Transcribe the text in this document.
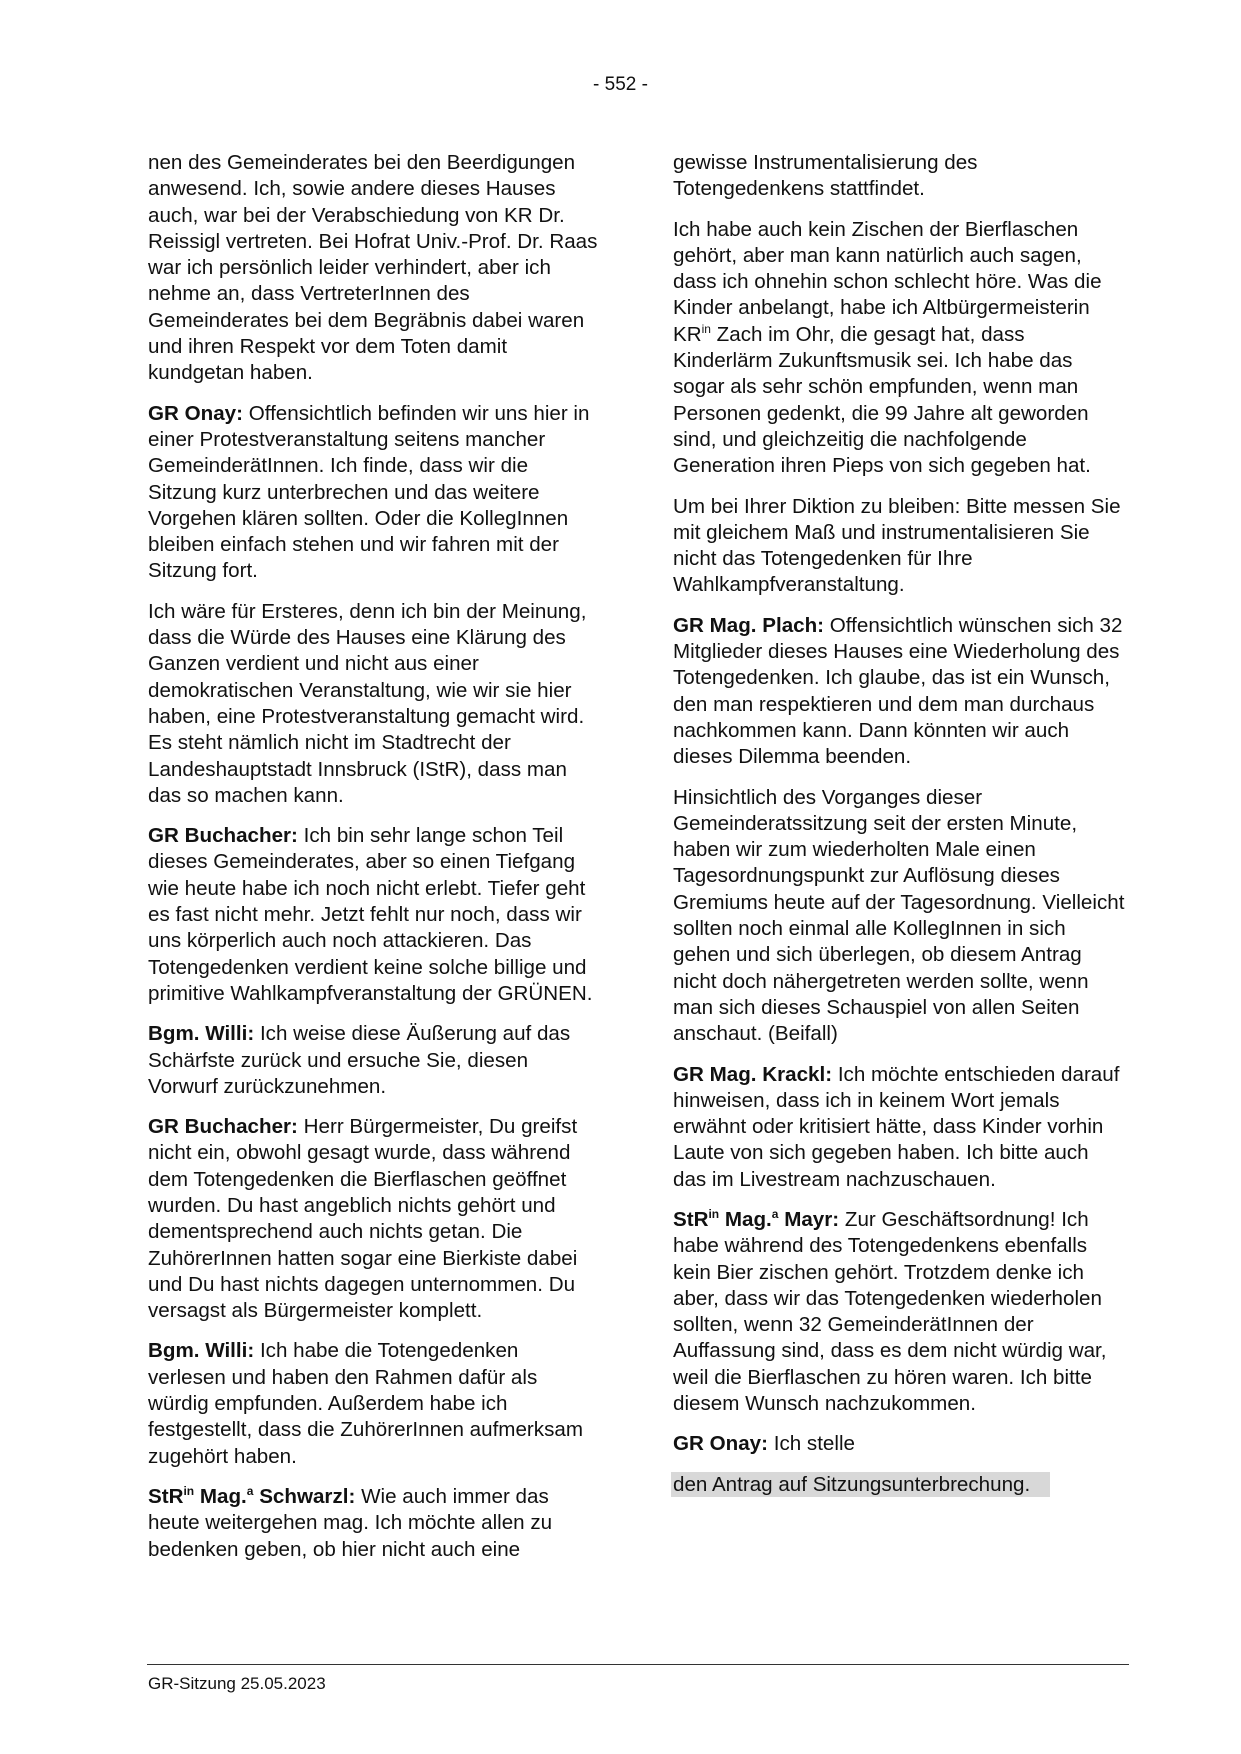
- 552 -

nen des Gemeinderates bei den Beerdigungen anwesend. Ich, sowie andere dieses Hauses auch, war bei der Verabschiedung von KR Dr. Reissigl vertreten. Bei Hofrat Univ.-Prof. Dr. Raas war ich persönlich leider verhindert, aber ich nehme an, dass VertreterInnen des Gemeinderates bei dem Begräbnis dabei waren und ihren Respekt vor dem Toten damit kundgetan haben.

GR Onay: Offensichtlich befinden wir uns hier in einer Protestveranstaltung seitens mancher GemeinderätInnen. Ich finde, dass wir die Sitzung kurz unterbrechen und das weitere Vorgehen klären sollten. Oder die KollegInnen bleiben einfach stehen und wir fahren mit der Sitzung fort.

Ich wäre für Ersteres, denn ich bin der Meinung, dass die Würde des Hauses eine Klärung des Ganzen verdient und nicht aus einer demokratischen Veranstaltung, wie wir sie hier haben, eine Protestveranstaltung gemacht wird. Es steht nämlich nicht im Stadtrecht der Landeshauptstadt Innsbruck (IStR), dass man das so machen kann.

GR Buchacher: Ich bin sehr lange schon Teil dieses Gemeinderates, aber so einen Tiefgang wie heute habe ich noch nicht erlebt. Tiefer geht es fast nicht mehr. Jetzt fehlt nur noch, dass wir uns körperlich auch noch attackieren. Das Totengedenken verdient keine solche billige und primitive Wahlkampfveranstaltung der GRÜNEN.

Bgm. Willi: Ich weise diese Äußerung auf das Schärfste zurück und ersuche Sie, diesen Vorwurf zurückzunehmen.

GR Buchacher: Herr Bürgermeister, Du greifst nicht ein, obwohl gesagt wurde, dass während dem Totengedenken die Bierflaschen geöffnet wurden. Du hast angeblich nichts gehört und dementsprechend auch nichts getan. Die ZuhörerInnen hatten sogar eine Bierkiste dabei und Du hast nichts dagegen unternommen. Du versagst als Bürgermeister komplett.

Bgm. Willi: Ich habe die Totengedenken verlesen und haben den Rahmen dafür als würdig empfunden. Außerdem habe ich festgestellt, dass die ZuhörerInnen aufmerksam zugehört haben.

StR$^{in}$ Mag.$^a$ Schwarzl: Wie auch immer das heute weitergehen mag. Ich möchte allen zu bedenken geben, ob hier nicht auch eine

gewisse Instrumentalisierung des Totengedenkens stattfindet.

Ich habe auch kein Zischen der Bierflaschen gehört, aber man kann natürlich auch sagen, dass ich ohnehin schon schlecht höre. Was die Kinder anbelangt, habe ich Altbürgermeisterin $KR^{in}$ Zach im Ohr, die gesagt hat, dass Kinderlärm Zukunftsmusik sei. Ich habe das sogar als sehr schön empfunden, wenn man Personen gedenkt, die 99 Jahre alt geworden sind, und gleichzeitig die nachfolgende Generation ihren Pieps von sich gegeben hat.

Um bei Ihrer Diktion zu bleiben: Bitte messen Sie mit gleichem Maß und instrumentalisieren Sie nicht das Totengedenken für Ihre Wahlkampfveranstaltung.

GR Mag. Plach: Offensichtlich wünschen sich 32 Mitglieder dieses Hauses eine Wiederholung des Totengedenken. Ich glaube, das ist ein Wunsch, den man respektieren und dem man durchaus nachkommen kann. Dann könnten wir auch dieses Dilemma beenden.

Hinsichtlich des Vorganges dieser Gemeinderatssitzung seit der ersten Minute, haben wir zum wiederholten Male einen Tagesordnungspunkt zur Auflösung dieses Gremiums heute auf der Tagesordnung. Vielleicht sollten noch einmal alle KollegInnen in sich gehen und sich überlegen, ob diesem Antrag nicht doch nähergetreten werden sollte, wenn man sich dieses Schauspiel von allen Seiten anschaut. (Beifall)

GR Mag. Krackl: Ich möchte entschieden darauf hinweisen, dass ich in keinem Wort jemals erwähnt oder kritisiert hätte, dass Kinder vorhin Laute von sich gegeben haben. Ich bitte auch das im Livestream nachzuschauen.

StR$^{in}$ Mag.$^a$ Mayr: Zur Geschäftsordnung! Ich habe während des Totengedenkens ebenfalls kein Bier zischen gehört. Trotzdem denke ich aber, dass wir das Totengedenken wiederholen sollten, wenn 32 GemeinderätInnen der Auffassung sind, dass es dem nicht würdig war, weil die Bierflaschen zu hören waren. Ich bitte diesem Wunsch nachzukommen.

GR Onay: Ich stelle

den Antrag auf Sitzungsunterbrechung.

GR-Sitzung 25.05.2023
